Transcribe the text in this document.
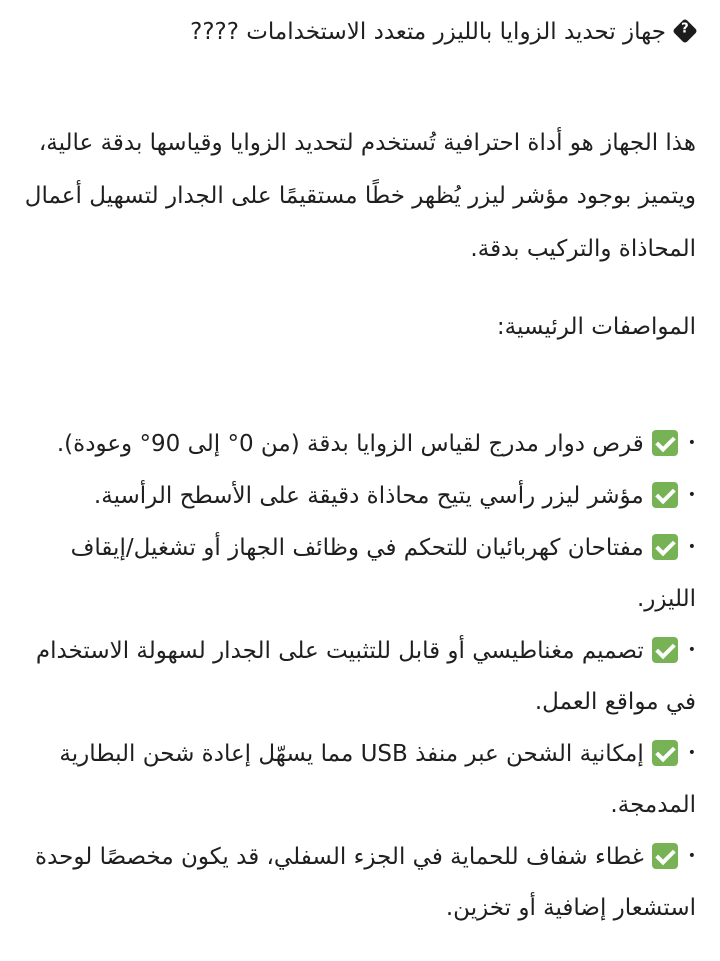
?جهاز تحديد الزوايا بالليزر متعدد الاستخدامات ????

هذا الجهاز هو أداة احترافية تُستخدم لتحديد الزوايا وقياسها بدقة عالية، ويتميز بوجود مؤشر ليزر يُظهر خطًا مستقيمًا على الجدار لتسهيل أعمال المحاذاة والتركيب بدقة.

المواصفات الرئيسية:
•قرص دوار مدرج لقياس الزوايا بدقة (من 0° إلى 90° وعودة).
•مؤشر ليزر رأسي يتيح محاذاة دقيقة على الأسطح الرأسية.
•مفتاحان كهربائيان للتحكم في وظائف الجهاز أو تشغيل/إيقاف الليزر.
•تصميم مغناطيسي أو قابل للتثبيت على الجدار لسهولة الاستخدام في مواقع العمل.
•إمكانية الشحن عبر منفذ USB مما يسهّل إعادة شحن البطارية المدمجة.
•غطاء شفاف للحماية في الجزء السفلي، قد يكون مخصصًا لوحدة استشعار إضافية أو تخزين.
